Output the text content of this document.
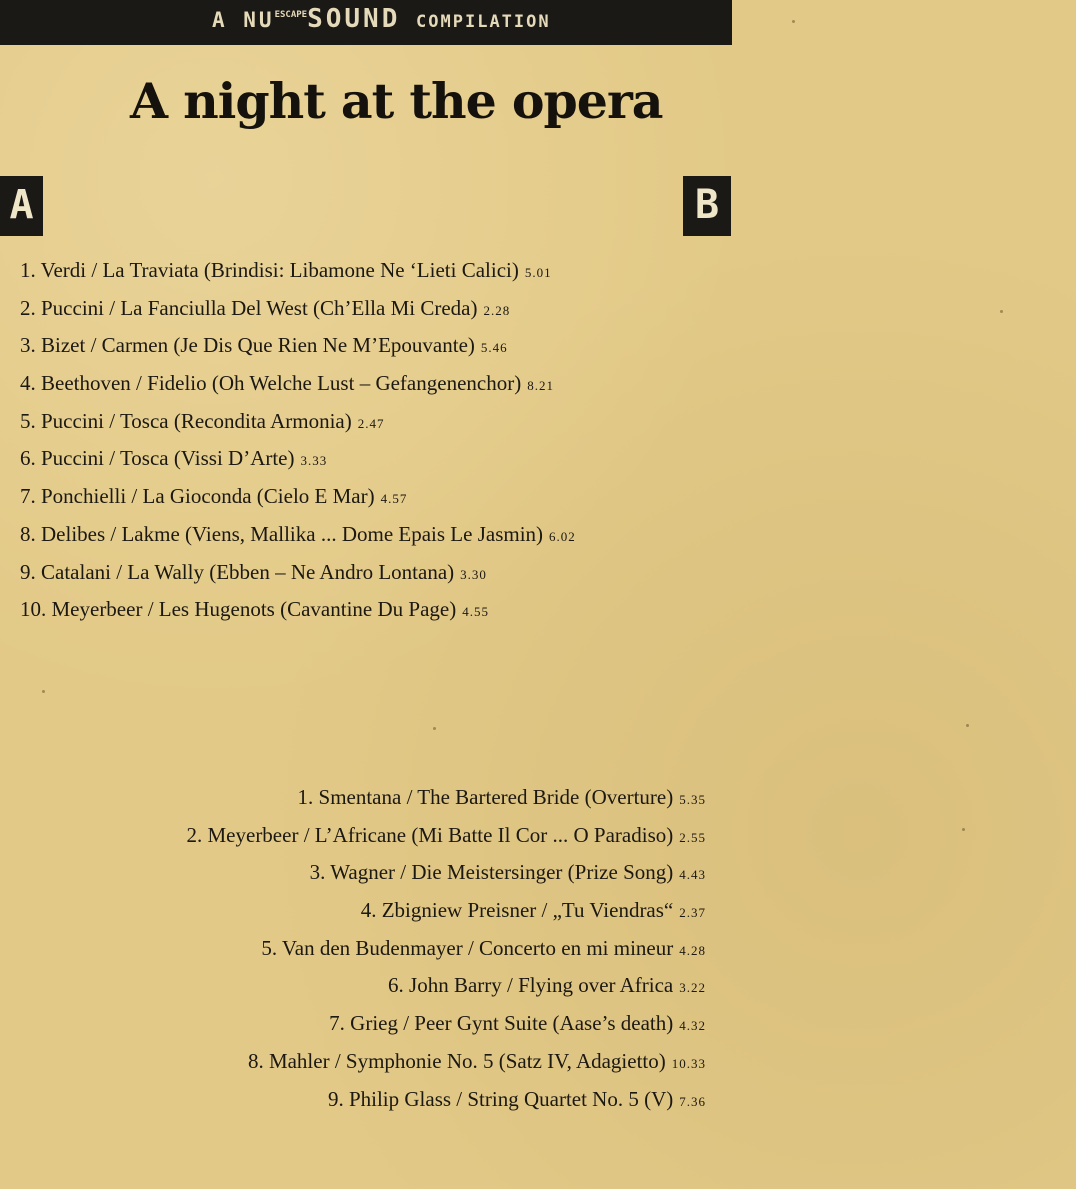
A $NU^{ESCAPE}SOUND$ COMPILATION
A night at the opera
A	B
1. Verdi / La Traviata (Brindisi: Libamone Ne ‘Lieti Calici) 5.01
2. Puccini / La Fanciulla Del West (Ch’Ella Mi Creda) 2.28
3. Bizet / Carmen (Je Dis Que Rien Ne M’Epouvante) 5.46
4. Beethoven / Fidelio (Oh Welche Lust – Gefangenenchor) 8.21
5. Puccini / Tosca (Recondita Armonia) 2.47
6. Puccini / Tosca (Vissi D’Arte) 3.33
7. Ponchielli / La Gioconda (Cielo E Mar) 4.57
8. Delibes / Lakme (Viens, Mallika ... Dome Epais Le Jasmin) 6.02
9. Catalani / La Wally (Ebben – Ne Andro Lontana) 3.30
10. Meyerbeer / Les Hugenots (Cavantine Du Page) 4.55
1. Smentana / The Bartered Bride (Overture) 5.35
2. Meyerbeer / L’Africane (Mi Batte Il Cor ... O Paradiso) 2.55
3. Wagner / Die Meistersinger (Prize Song) 4.43
4. Zbigniew Preisner / „Tu Viendras“ 2.37
5. Van den Budenmayer / Concerto en mi mineur 4.28
6. John Barry / Flying over Africa 3.22
7. Grieg / Peer Gynt Suite (Aase’s death) 4.32
8. Mahler / Symphonie No. 5 (Satz IV, Adagietto) 10.33
9. Philip Glass / String Quartet No. 5 (V) 7.36
